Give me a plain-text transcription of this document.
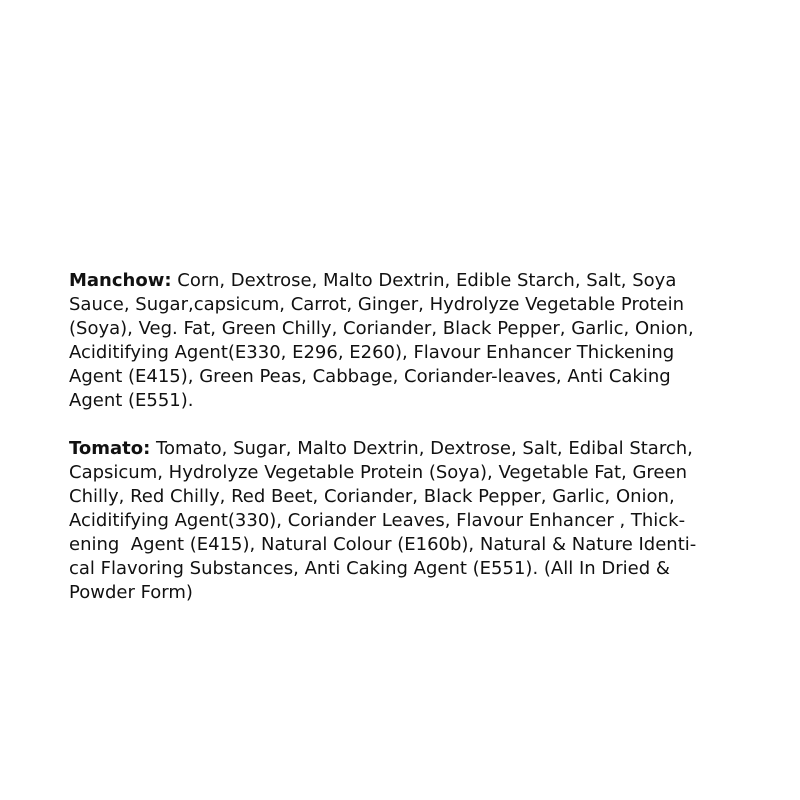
Manchow: Corn, Dextrose, Malto Dextrin, Edible Starch, Salt, Soya
Sauce, Sugar,capsicum, Carrot, Ginger, Hydrolyze Vegetable Protein
(Soya), Veg. Fat, Green Chilly, Coriander, Black Pepper, Garlic, Onion,
Aciditifying Agent(E330, E296, E260), Flavour Enhancer Thickening
Agent (E415), Green Peas, Cabbage, Coriander-leaves, Anti Caking
Agent (E551).

Tomato: Tomato, Sugar, Malto Dextrin, Dextrose, Salt, Edibal Starch,
Capsicum, Hydrolyze Vegetable Protein (Soya), Vegetable Fat, Green
Chilly, Red Chilly, Red Beet, Coriander, Black Pepper, Garlic, Onion,
Aciditifying Agent(330), Coriander Leaves, Flavour Enhancer , Thick-
ening  Agent (E415), Natural Colour (E160b), Natural & Nature Identi-
cal Flavoring Substances, Anti Caking Agent (E551). (All In Dried &
Powder Form)
